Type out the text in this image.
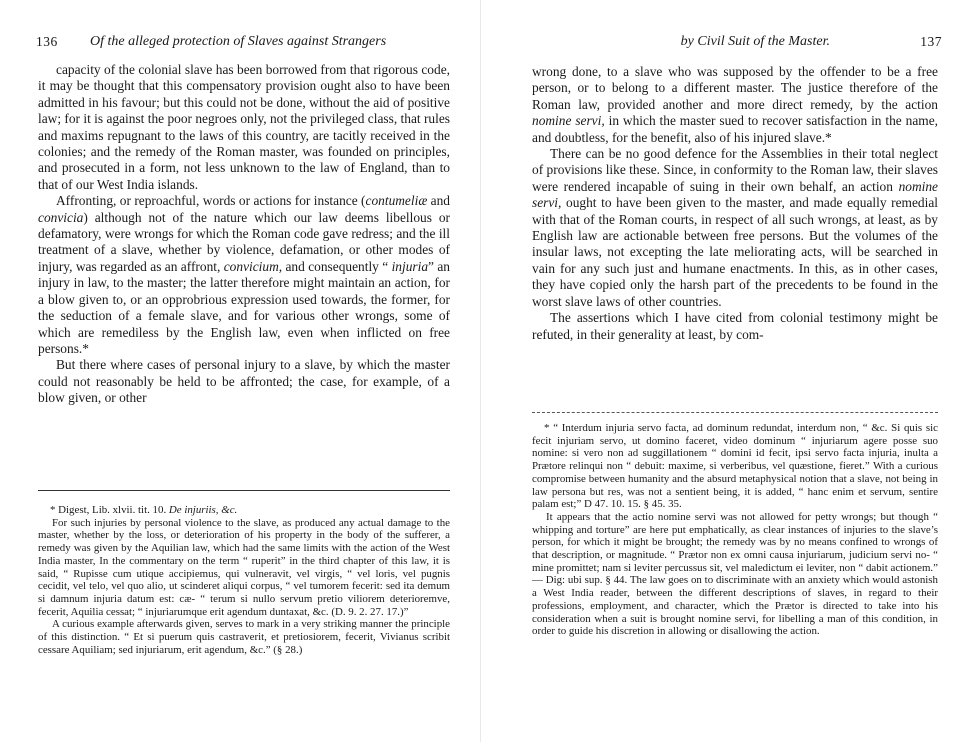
136 Of the alleged protection of Slaves against Strangers

capacity of the colonial slave has been borrowed from that rigorous code, it may be thought that this compensatory provision ought also to have been admitted in his favour; but this could not be done, without the aid of positive law; for it is against the poor negroes only, not the privileged class, that rules and maxims repugnant to the laws of this country, are tacitly received in the colonies; and the remedy of the Roman master, was founded on principles, and prosecuted in a form, not less unknown to the law of England, than to that of our West India islands.

Affronting, or reproachful, words or actions for instance (contumeliæ and convicia) although not of the nature which our law deems libellous or defamatory, were wrongs for which the Roman code gave redress; and the ill treatment of a slave, whether by violence, defamation, or other modes of injury, was regarded as an affront, convicium, and consequently “ injuria” an injury in law, to the master; the latter therefore might maintain an action, for a blow given to, or an opprobrious expression used towards, the former, for the seduction of a female slave, and for various other wrongs, some of which are remediless by the English law, even when inflicted on free persons.*

But there where cases of personal injury to a slave, by which the master could not reasonably be held to be affronted; the case, for example, of a blow given, or other

* Digest, Lib. xlvii. tit. 10. De injuriis, &c.

For such injuries by personal violence to the slave, as produced any actual damage to the master, whether by the loss, or deterioration of his property in the body of the sufferer, a remedy was given by the Aquilian law, which had the same limits with the action of the West India master, In the commentary on the term “ ruperit” in the third chapter of this law, it is said, “ Rupisse cum utique accipiemus, qui vulneravit, vel virgis, “ vel loris, vel pugnis cecidit, vel telo, vel quo alio, ut scinderet aliqui corpus, “ vel tumorem fecerit: sed ita demum si damnum injuria datum est: cæ- “ terum si nullo servum pretio viliorem deterioremve, fecerit, Aquilia cessat; “ injuriarumque erit agendum duntaxat, &c. (D. 9. 2. 27. 17.)”

A curious example afterwards given, serves to mark in a very striking manner the principle of this distinction. “ Et si puerum quis castraverit, et pretiosiorem, fecerit, Vivianus scribit cessare Aquiliam; sed injuriarum, erit agendum, &c.” (§ 28.)

by Civil Suit of the Master.	137

wrong done, to a slave who was supposed by the offender to be a free person, or to belong to a different master. The justice therefore of the Roman law, provided another and more direct remedy, by the action nomine servi, in which the master sued to recover satisfaction in the name, and doubtless, for the benefit, also of his injured slave.*

There can be no good defence for the Assemblies in their total neglect of provisions like these. Since, in conformity to the Roman law, their slaves were rendered incapable of suing in their own behalf, an action nomine servi, ought to have been given to the master, and made equally remedial with that of the Roman courts, in respect of all such wrongs, at least, as by English law are actionable between free persons. But the volumes of the insular laws, not excepting the late meliorating acts, will be searched in vain for any such just and humane enactments. In this, as in other cases, they have copied only the harsh part of the precedents to be found in the worst slave laws of other countries.

The assertions which I have cited from colonial testimony might be refuted, in their generality at least, by com-

* “ Interdum injuria servo facta, ad dominum redundat, interdum non, “ &c. Si quis sic fecit injuriam servo, ut domino faceret, video dominum “ injuriarum agere posse suo nomine: si vero non ad suggillationem “ domini id fecit, ipsi servo facta injuria, inulta a Prætore relinqui non “ debuit: maxime, si verberibus, vel quæstione, fieret.” With a curious compromise between humanity and the absurd metaphysical notion that a slave, not being in law persona but res, was not a sentient being, it is added, “ hanc enim et servum, sentire palam est;” D 47. 10. 15. § 45. 35.

It appears that the actio nomine servi was not allowed for petty wrongs; but though “ whipping and torture” are here put emphatically, as clear instances of injuries to the slave’s person, for which it might be brought; the remedy was by no means confined to wrongs of that description, or magnitude. “ Prætor non ex omni causa injuriarum, judicium servi no- “ mine promittet; nam si leviter percussus sit, vel maledictum ei leviter, non “ dabit actionem.” — Dig: ubi sup. § 44. The law goes on to discriminate with an anxiety which would astonish a West India reader, between the different descriptions of slaves, in regard to their professions, employment, and character, which the Prætor is directed to take into his consideration when a suit is brought nomine servi, for libelling a man of this condition, in order to guide his discretion in allowing or disallowing the action.
